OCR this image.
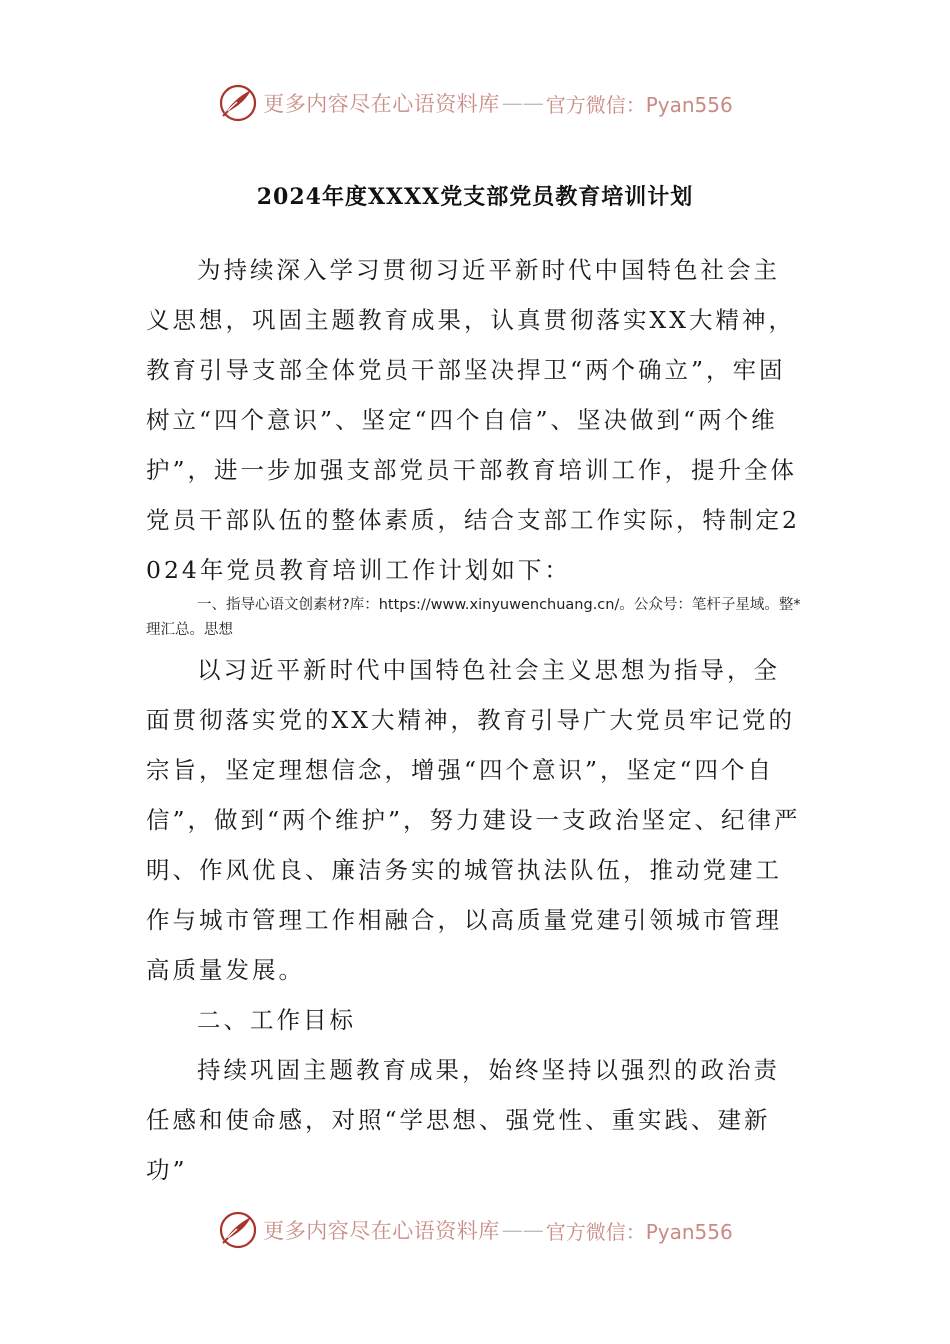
更多内容尽在心语资料库 —— 官方微信：Pyan556
2024年度XXXX党支部党员教育培训计划

为持续深入学习贯彻习近平新时代中国特色社会主义思想，巩固主题教育成果，认真贯彻落实XX大精神，教育引导支部全体党员干部坚决捍卫“两个确立”，牢固树立“四个意识”、坚定“四个自信”、坚决做到“两个维护”，进一步加强支部党员干部教育培训工作，提升全体党员干部队伍的整体素质，结合支部工作实际，特制定2024年党员教育培训工作计划如下：

一、指导心语文创素材?库：https://www.xinyuwenchuang.cn/。公众号：笔杆子星域。整*理汇总。思想

以习近平新时代中国特色社会主义思想为指导，全面贯彻落实党的XX大精神，教育引导广大党员牢记党的宗旨，坚定理想信念，增强“四个意识”，坚定“四个自信”，做到“两个维护”，努力建设一支政治坚定、纪律严明、作风优良、廉洁务实的城管执法队伍，推动党建工作与城市管理工作相融合，以高质量党建引领城市管理高质量发展。

二、工作目标

持续巩固主题教育成果，始终坚持以强烈的政治责任感和使命感，对照“学思想、强党性、重实践、建新功”

更多内容尽在心语资料库 —— 官方微信：Pyan556
